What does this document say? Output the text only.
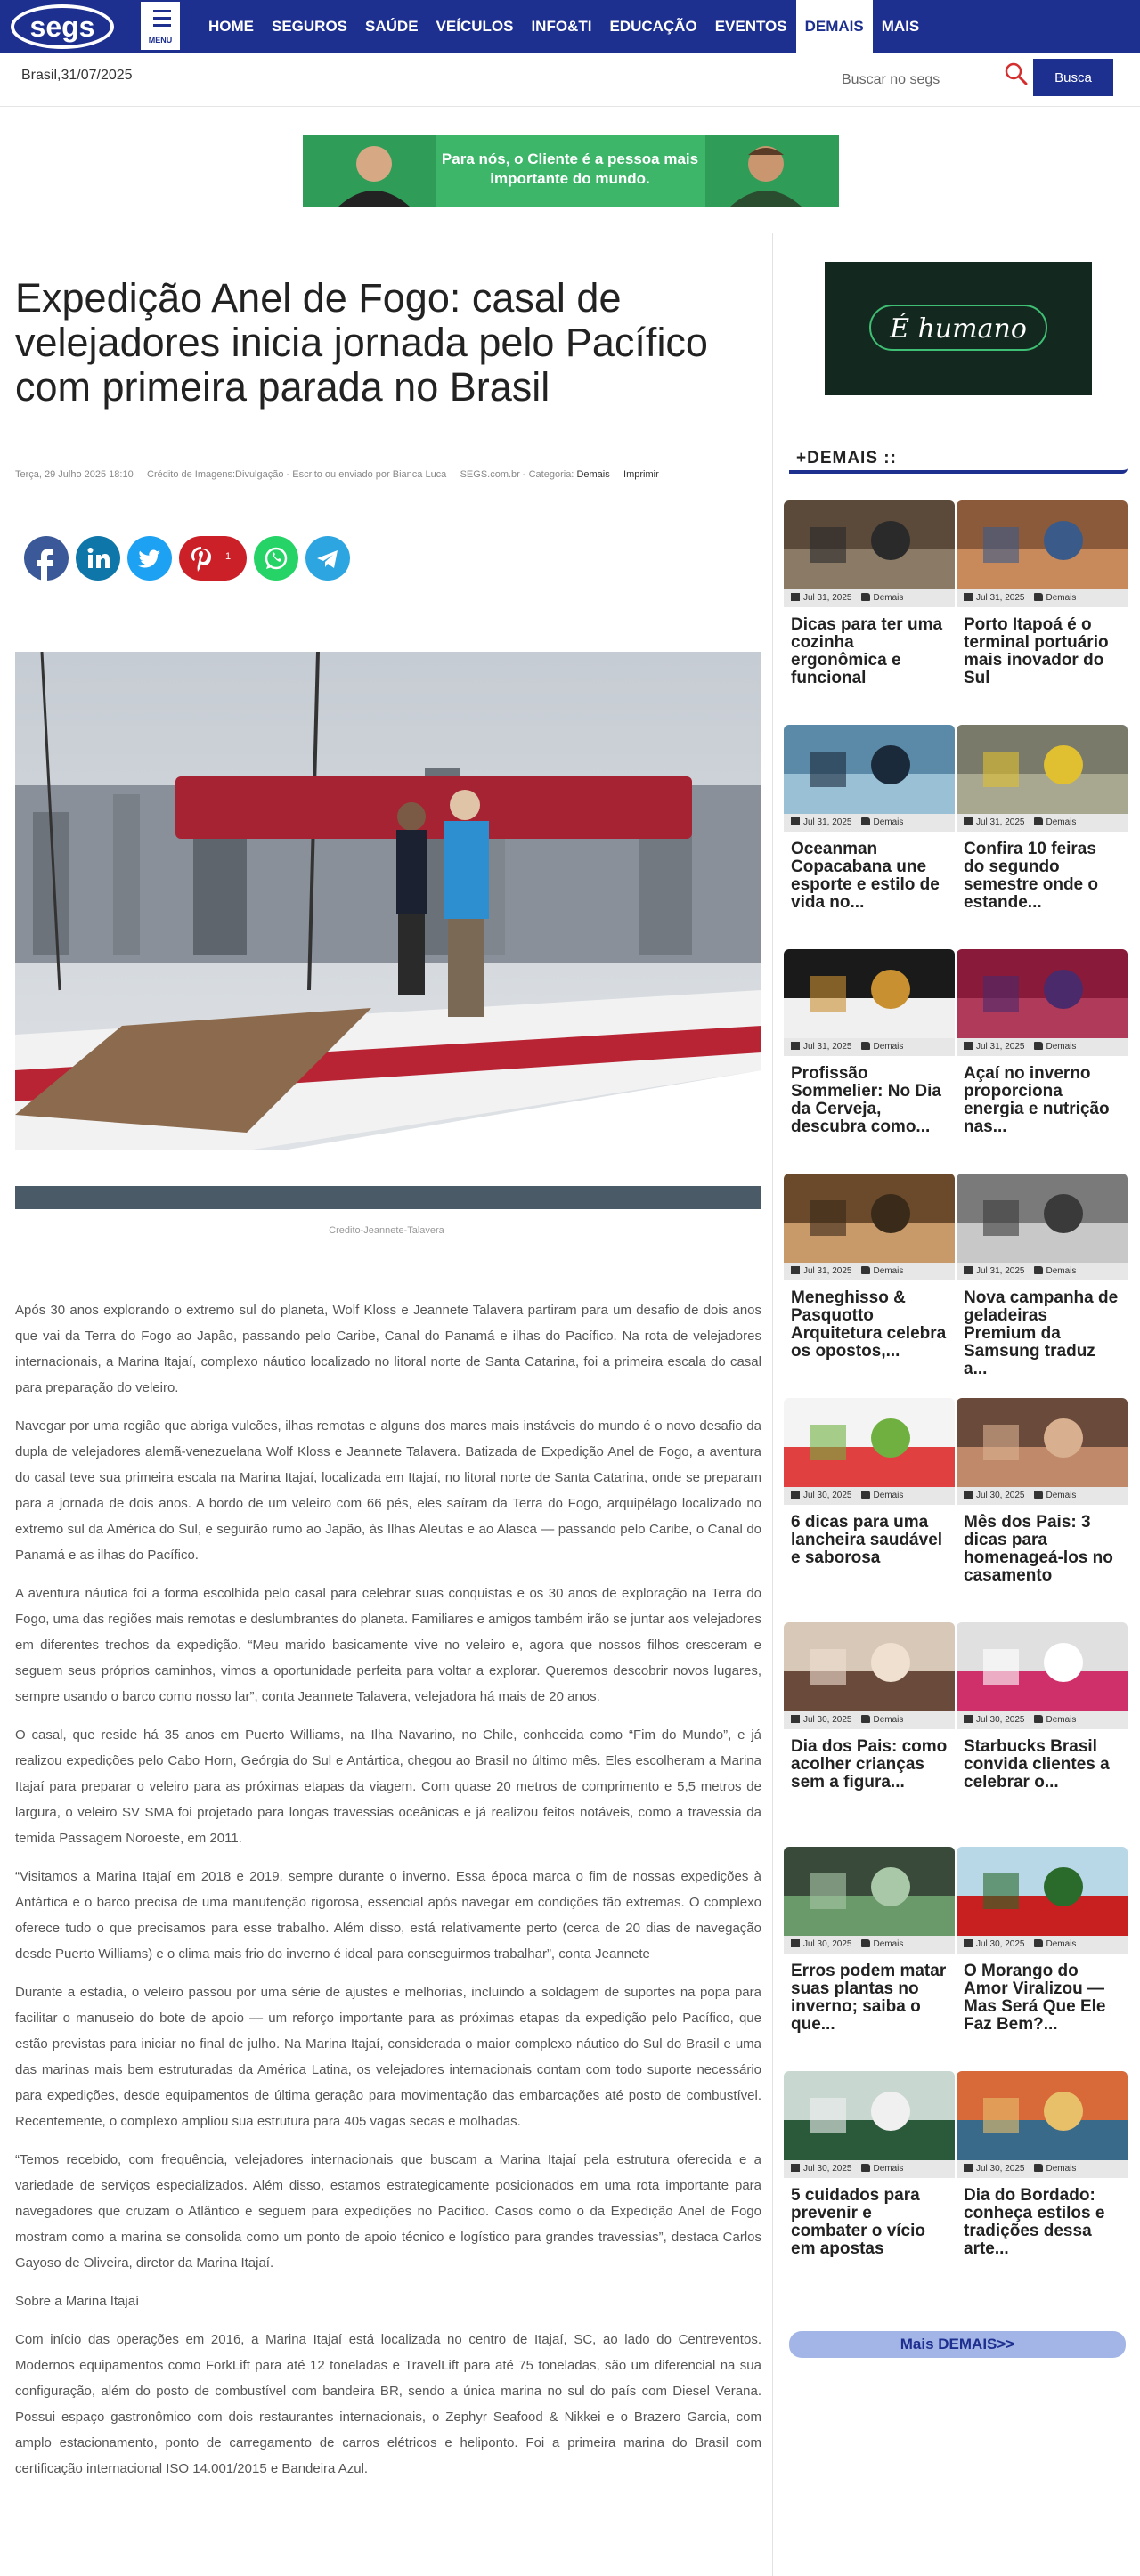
segs	MENU
HOME	SEGUROS	SAÚDE	VEÍCULOS	INFO&TI	EDUCAÇÃO	EVENTOS	DEMAIS	MAIS
Brasil,31/07/2025
Buscar no segs	Busca
Para nós, o Cliente é a pessoa mais importante do mundo.
Expedição Anel de Fogo: casal de velejadores inicia jornada pelo Pacífico com primeira parada no Brasil
Terça, 29 Julho 2025 18:10 Crédito de Imagens:Divulgação - Escrito ou enviado por Bianca Luca SEGS.com.br - Categoria: Demais Imprimir
1
Credito-Jeannete-Talavera

Após 30 anos explorando o extremo sul do planeta, Wolf Kloss e Jeannete Talavera partiram para um desafio de dois anos que vai da Terra do Fogo ao Japão, passando pelo Caribe, Canal do Panamá e ilhas do Pacífico. Na rota de velejadores internacionais, a Marina Itajaí, complexo náutico localizado no litoral norte de Santa Catarina, foi a primeira escala do casal para preparação do veleiro.

Navegar por uma região que abriga vulcões, ilhas remotas e alguns dos mares mais instáveis do mundo é o novo desafio da dupla de velejadores alemã-venezuelana Wolf Kloss e Jeannete Talavera. Batizada de Expedição Anel de Fogo, a aventura do casal teve sua primeira escala na Marina Itajaí, localizada em Itajaí, no litoral norte de Santa Catarina, onde se preparam para a jornada de dois anos. A bordo de um veleiro com 66 pés, eles saíram da Terra do Fogo, arquipélago localizado no extremo sul da América do Sul, e seguirão rumo ao Japão, às Ilhas Aleutas e ao Alasca — passando pelo Caribe, o Canal do Panamá e as ilhas do Pacífico.

A aventura náutica foi a forma escolhida pelo casal para celebrar suas conquistas e os 30 anos de exploração na Terra do Fogo, uma das regiões mais remotas e deslumbrantes do planeta. Familiares e amigos também irão se juntar aos velejadores em diferentes trechos da expedição. “Meu marido basicamente vive no veleiro e, agora que nossos filhos cresceram e seguem seus próprios caminhos, vimos a oportunidade perfeita para voltar a explorar. Queremos descobrir novos lugares, sempre usando o barco como nosso lar”, conta Jeannete Talavera, velejadora há mais de 20 anos.

O casal, que reside há 35 anos em Puerto Williams, na Ilha Navarino, no Chile, conhecida como “Fim do Mundo”, e já realizou expedições pelo Cabo Horn, Geórgia do Sul e Antártica, chegou ao Brasil no último mês. Eles escolheram a Marina Itajaí para preparar o veleiro para as próximas etapas da viagem. Com quase 20 metros de comprimento e 5,5 metros de largura, o veleiro SV SMA foi projetado para longas travessias oceânicas e já realizou feitos notáveis, como a travessia da temida Passagem Noroeste, em 2011.

“Visitamos a Marina Itajaí em 2018 e 2019, sempre durante o inverno. Essa época marca o fim de nossas expedições à Antártica e o barco precisa de uma manutenção rigorosa, essencial após navegar em condições tão extremas. O complexo oferece tudo o que precisamos para esse trabalho. Além disso, está relativamente perto (cerca de 20 dias de navegação desde Puerto Williams) e o clima mais frio do inverno é ideal para conseguirmos trabalhar”, conta Jeannete

Durante a estadia, o veleiro passou por uma série de ajustes e melhorias, incluindo a soldagem de suportes na popa para facilitar o manuseio do bote de apoio — um reforço importante para as próximas etapas da expedição pelo Pacífico, que estão previstas para iniciar no final de julho. Na Marina Itajaí, considerada o maior complexo náutico do Sul do Brasil e uma das marinas mais bem estruturadas da América Latina, os velejadores internacionais contam com todo suporte necessário para expedições, desde equipamentos de última geração para movimentação das embarcações até posto de combustível. Recentemente, o complexo ampliou sua estrutura para 405 vagas secas e molhadas.

“Temos recebido, com frequência, velejadores internacionais que buscam a Marina Itajaí pela estrutura oferecida e a variedade de serviços especializados. Além disso, estamos estrategicamente posicionados em uma rota importante para navegadores que cruzam o Atlântico e seguem para expedições no Pacífico. Casos como o da Expedição Anel de Fogo mostram como a marina se consolida como um ponto de apoio técnico e logístico para grandes travessias”, destaca Carlos Gayoso de Oliveira, diretor da Marina Itajaí.

Sobre a Marina Itajaí

Com início das operações em 2016, a Marina Itajaí está localizada no centro de Itajaí, SC, ao lado do Centreventos. Modernos equipamentos como ForkLift para até 12 toneladas e TravelLift para até 75 toneladas, são um diferencial na sua configuração, além do posto de combustível com bandeira BR, sendo a única marina no sul do país com Diesel Verana. Possui espaço gastronômico com dois restaurantes internacionais, o Zephyr Seafood & Nikkei e o Brazero Garcia, com amplo estacionamento, ponto de carregamento de carros elétricos e heliponto. Foi a primeira marina do Brasil com certificação internacional ISO 14.001/2015 e Bandeira Azul.

É humano
+DEMAIS ::
Jul 31, 2025 Demais
Dicas para ter uma cozinha ergonômica e funcional
Jul 31, 2025 Demais
Porto Itapoá é o terminal portuário mais inovador do Sul
Jul 31, 2025 Demais
Oceanman Copacabana une esporte e estilo de vida no...
Jul 31, 2025 Demais
Confira 10 feiras do segundo semestre onde o estande...
Jul 31, 2025 Demais
Profissão Sommelier: No Dia da Cerveja, descubra como...
Jul 31, 2025 Demais
Açaí no inverno proporciona energia e nutrição nas...
Jul 31, 2025 Demais
Meneghisso & Pasquotto Arquitetura celebra os opostos,...
Jul 31, 2025 Demais
Nova campanha de geladeiras Premium da Samsung traduz a...
Jul 30, 2025 Demais
6 dicas para uma lancheira saudável e saborosa
Jul 30, 2025 Demais
Mês dos Pais: 3 dicas para homenageá-los no casamento
Jul 30, 2025 Demais
Dia dos Pais: como acolher crianças sem a figura...
Jul 30, 2025 Demais
Starbucks Brasil convida clientes a celebrar o...
Jul 30, 2025 Demais
Erros podem matar suas plantas no inverno; saiba o que...
Jul 30, 2025 Demais
O Morango do Amor Viralizou — Mas Será Que Ele Faz Bem?...
Jul 30, 2025 Demais
5 cuidados para prevenir e combater o vício em apostas
Jul 30, 2025 Demais
Dia do Bordado: conheça estilos e tradições dessa arte...
Mais DEMAIS>>
